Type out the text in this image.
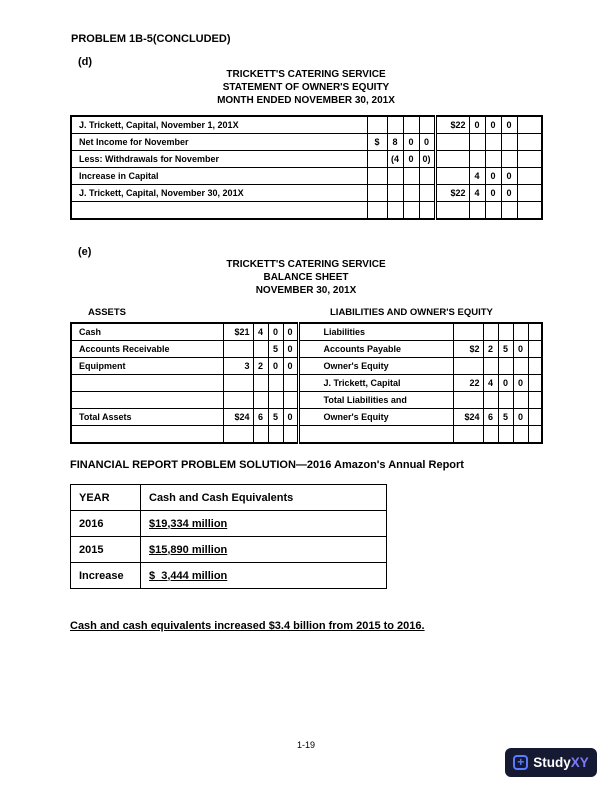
PROBLEM 1B-5(CONCLUDED)
(d)
TRICKETT'S CATERING SERVICE
STATEMENT OF OWNER'S EQUITY
MONTH ENDED NOVEMBER 30, 201X
J. Trickett, Capital, November 1, 201X					$22	0	0	0	
Net Income for November	$	8	0	0					
Less: Withdrawals for November		(4	0	0)					
Increase in Capital						4	0	0	
J. Trickett, Capital, November 30, 201X					$22	4	0	0	

(e)
TRICKETT'S CATERING SERVICE
BALANCE SHEET
NOVEMBER 30, 201X
ASSETS	LIABILITIES AND OWNER'S EQUITY
Cash	$21	4	0	0	Liabilities					
Accounts Receivable			5	0	Accounts Payable	$2	2	5	0	
Equipment	3	2	0	0	Owner's Equity					
					J. Trickett, Capital	22	4	0	0	
					Total Liabilities and					
Total Assets	$24	6	5	0	Owner's Equity	$24	6	5	0	

FINANCIAL REPORT PROBLEM SOLUTION—2016 Amazon's Annual Report
YEAR	Cash and Cash Equivalents
2016	$19,334 million
2015	$15,890 million
Increase	$  3,444 million
Cash and cash equivalents increased $3.4 billion from 2015 to 2016.
1-19
+ StudyXY
